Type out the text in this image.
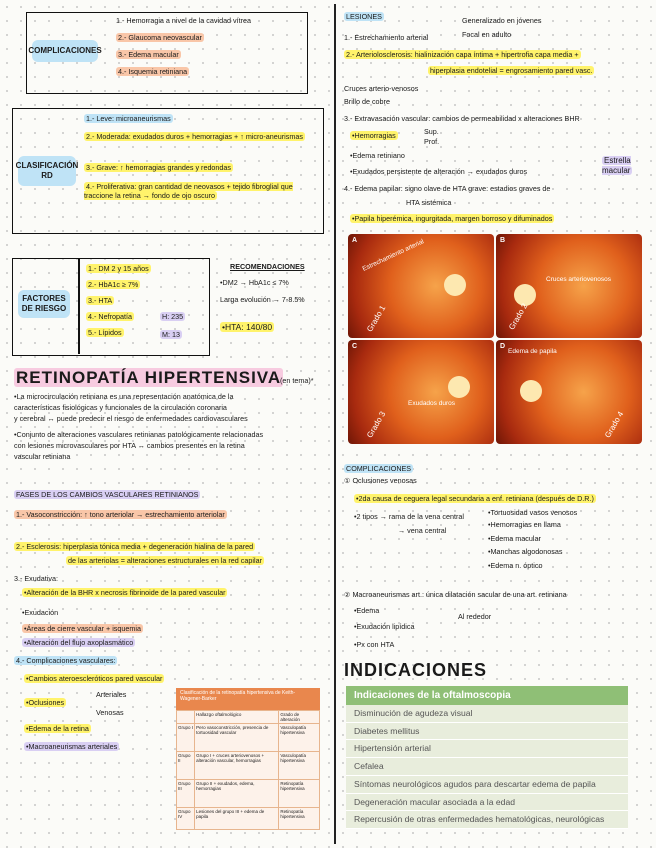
COMPLICACIONES
1.- Hemorragia a nivel de la cavidad vítrea
2.- Glaucoma neovascular
3.- Edema macular
4.- Isquemia retiniana
CLASIFICACIÓN RD
1.- Leve: microaneurismas
2.- Moderada: exudados duros + hemorragias + ↑ micro-aneurismas
3.- Grave: ↑ hemorragias grandes y redondas
4.- Proliferativa: gran cantidad de neovasos + tejido fibroglial que traccione la retina → fondo de ojo oscuro
FACTORES DE RIESGO
1.- DM 2 y 15 años
2.- HbA1c ≥ 7%
3.- HTA
4.- Nefropatía
5.- Lípidos
H: 235
M: 13
RECOMENDACIONES
•DM2 → HbA1c ≤ 7%
Larga evolución → 7-8.5%
•HTA: 140/80
RETINOPATÍA HIPERTENSIVA
(en tema)*
•La microcirculación retiniana es una representación anatómica de la
características fisiológicas y funcionales de la circulación coronaria
y cerebral ↔ puede predecir el riesgo de enfermedades cardiovasculares
•Conjunto de alteraciones vasculares retinianas patológicamente relacionadas
con lesiones microvasculares por HTA ↔ cambios presentes en la retina
vascular retiniana
FASES DE LOS CAMBIOS VASCULARES RETINIANOS
1.- Vasoconstricción: ↑ tono arteriolar → estrechamiento arteriolar
2.- Esclerosis: hiperplasia tónica media + degeneración hialina de la pared
de las arteriolas = alteraciones estructurales en la red capilar
3.- Exudativa:
•Alteración de la BHR x necrosis fibrinoide de la pared vascular
•Exudación
•Áreas de cierre vascular + isquemia
•Alteración del flujo axoplasmático
4.- Complicaciones vasculares:
•Cambios ateroescleróticos pared vascular
•Oclusiones
Arteriales
Venosas
•Edema de la retina
•Macroaneurismas arteriales
Clasificación de la retinopatía hipertensiva de Keith-Wagener-Barker
	Hallazgo oftalmológico	Grado de alteración
Grupo I	Pero vasoconstricción, presencia de tortuosidad vascular	Vasculopatía hipertensiva
Grupo II	Grupo I + cruces arteriovenosos + alteración vascular, hemorragias	Vasculopatía hipertensiva
Grupo III	Grupo II + exudados, edema, hemorragias	Retinopatía hipertensiva
Grupo IV	Lesiones del grupo III + edema de papila	Retinopatía hipertensiva
LESIONES	Generalizado en jóvenes
Focal en adulto
1.- Estrechamiento arterial
2.- Arteriolosclerosis: hialinización capa íntima + hipertrofia capa media +
hiperplasia endotelial = engrosamiento pared vasc.
Cruces arterio-venosos
Brillo de cobre
3.- Extravasación vascular: cambios de permeabilidad x alteraciones BHR
•Hemorragias	Sup.
Prof.
•Edema retiniano
•Exudados persistente de alteración → exudados duros
Estrella macular
4.- Edema papilar: signo clave de HTA grave: estadios graves de
HTA sistémica
•Papila hiperémica, ingurgitada, margen borroso y difuminados
A Estrechamiento arterial
Grado 1
B
Cruces arteriovenosos
Grado 2
C
Exudados duros
Grado 3
D
Edema de papila
Grado 4
COMPLICACIONES
① Oclusiones venosas
•2da causa de ceguera legal secundaria a enf. retiniana (después de D.R.)
•2 tipos → rama de la vena central
→ vena central
•Tortuosidad vasos venosos
•Hemorragias en llama
•Edema macular
•Manchas algodonosas
•Edema n. óptico
② Macroaneurismas art.: única dilatación sacular de una art. retiniana
•Edema
•Exudación lipídica
•Px con HTA
Al rededor
INDICACIONES
Indicaciones de la oftalmoscopia
Disminución de agudeza visual
Diabetes mellitus
Hipertensión arterial
Cefalea
Síntomas neurológicos agudos para descartar edema de papila
Degeneración macular asociada a la edad
Repercusión de otras enfermedades hematológicas, neurológicas
